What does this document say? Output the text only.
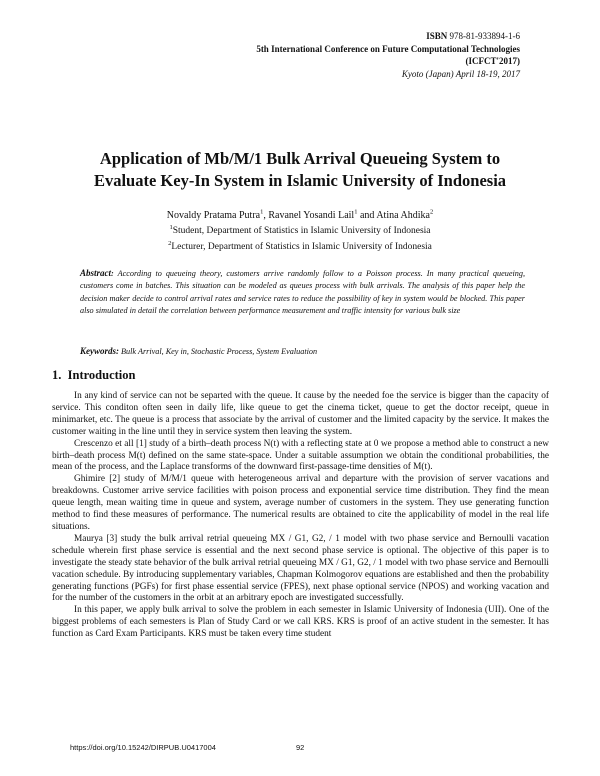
ISBN 978-81-933894-1-6
5th International Conference on Future Computational Technologies
(ICFCT'2017)
Kyoto (Japan) April 18-19, 2017
Application of Mb/M/1 Bulk Arrival Queueing System to
Evaluate Key-In System in Islamic University of Indonesia
Novaldy Pratama Putra$^1$, Ravanel Yosandi Lail$^1$ and Atina Ahdika$^2$
$^1$Student, Department of Statistics in Islamic University of Indonesia
$^2$Lecturer, Department of Statistics in Islamic University of Indonesia
Abstract: According to queueing theory, customers arrive randomly follow to a Poisson process. In many practical queueing, customers come in batches. This situation can be modeled as queues process with bulk arrivals. The analysis of this paper help the decision maker decide to control arrival rates and service rates to reduce the possibility of key in system would be blocked. This paper also simulated in detail the correlation between performance measurement and traffic intensity for various bulk size
Keywords: Bulk Arrival, Key in, Stochastic Process, System Evaluation
1. Introduction

In any kind of service can not be separted with the queue. It cause by the needed foe the service is bigger than the capacity of service. This conditon often seen in daily life, like queue to get the cinema ticket, queue to get the doctor receipt, queue in minimarket, etc. The queue is a process that associate by the arrival of customer and the limited capacity by the service. It makes the customer waiting in the line until they in service system then leaving the system.

Crescenzo et all [1] study of a birth–death process N(t) with a reflecting state at 0 we propose a method able to construct a new birth–death process M(t) defined on the same state-space. Under a suitable assumption we obtain the conditional probabilities, the mean of the process, and the Laplace transforms of the downward first-passage-time densities of M(t).

Ghimire [2] study of M/M/1 queue with heterogeneous arrival and departure with the provision of server vacations and breakdowns. Customer arrive service facilities with poison process and exponential service time distribution. They find the mean queue length, mean waiting time in queue and system, average number of customers in the system. They use generating function method to find these measures of performance. The numerical results are obtained to cite the applicability of model in the real life situations.

Maurya [3] study the bulk arrival retrial queueing MX / G1, G2, / 1 model with two phase service and Bernoulli vacation schedule wherein first phase service is essential and the next second phase service is optional. The objective of this paper is to investigate the steady state behavior of the bulk arrival retrial queueing MX / G1, G2, / 1 model with two phase service and Bernoulli vacation schedule. By introducing supplementary variables, Chapman Kolmogorov equations are established and then the probability generating functions (PGFs) for first phase essential service (FPES), next phase optional service (NPOS) and working vacation and for the number of the customers in the orbit at an arbitrary epoch are investigated successfully.

In this paper, we apply bulk arrival to solve the problem in each semester in Islamic University of Indonesia (UII). One of the biggest problems of each semesters is Plan of Study Card or we call KRS. KRS is proof of an active student in the semester. It has function as Card Exam Participants. KRS must be taken every time student

https://doi.org/10.15242/DIRPUB.U0417004	92
